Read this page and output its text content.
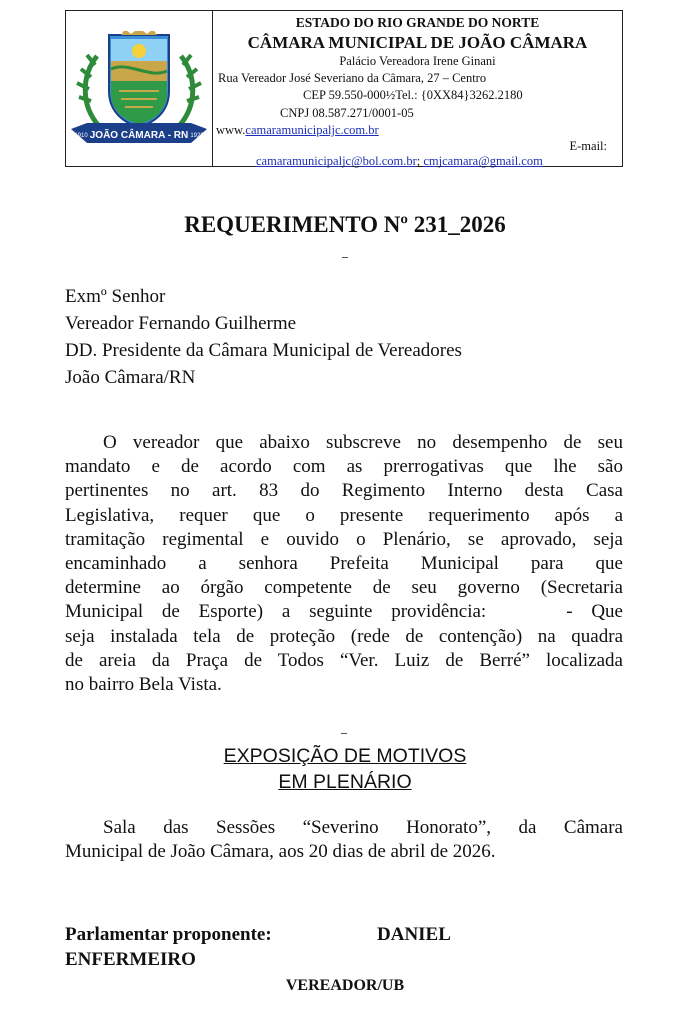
JOÃO CÂMARA - RN
1910	1928
ESTADO DO RIO GRANDE DO NORTE
CÂMARA MUNICIPAL DE JOÃO CÂMARA
Palácio Vereadora Irene Ginani
Rua Vereador José Severiano da Câmara, 27 – Centro
CEP 59.550-000½Tel.: {0XX84}3262.2180
CNPJ 08.587.271/0001-05
www.camaramunicipaljc.com.br
E-mail:
camaramunicipaljc@bol.com.br; cmjcamara@gmail.com
REQUERIMENTO Nº 231_2026
Exmº Senhor
Vereador Fernando Guilherme
DD. Presidente da Câmara Municipal de Vereadores
João Câmara/RN
O vereador que abaixo subscreve no desempenho de seu
mandato e de acordo com as prerrogativas que lhe são
pertinentes no art. 83 do Regimento Interno desta Casa
Legislativa, requer que o presente requerimento após a
tramitação regimental e ouvido o Plenário, se aprovado, seja
encaminhado a senhora Prefeita Municipal para que
determine ao órgão competente de seu governo (Secretaria
Municipal de Esporte) a seguinte providência:	- Que
seja instalada tela de proteção (rede de contenção) na quadra
de areia da Praça de Todos “Ver. Luiz de Berré” localizada
no bairro Bela Vista.
EXPOSIÇÃO DE MOTIVOS
EM PLENÁRIO
Sala das Sessões “Severino Honorato”, da Câmara
Municipal de João Câmara, aos 20 dias de abril de 2026.
Parlamentar proponente:	DANIEL
ENFERMEIRO
VEREADOR/UB
